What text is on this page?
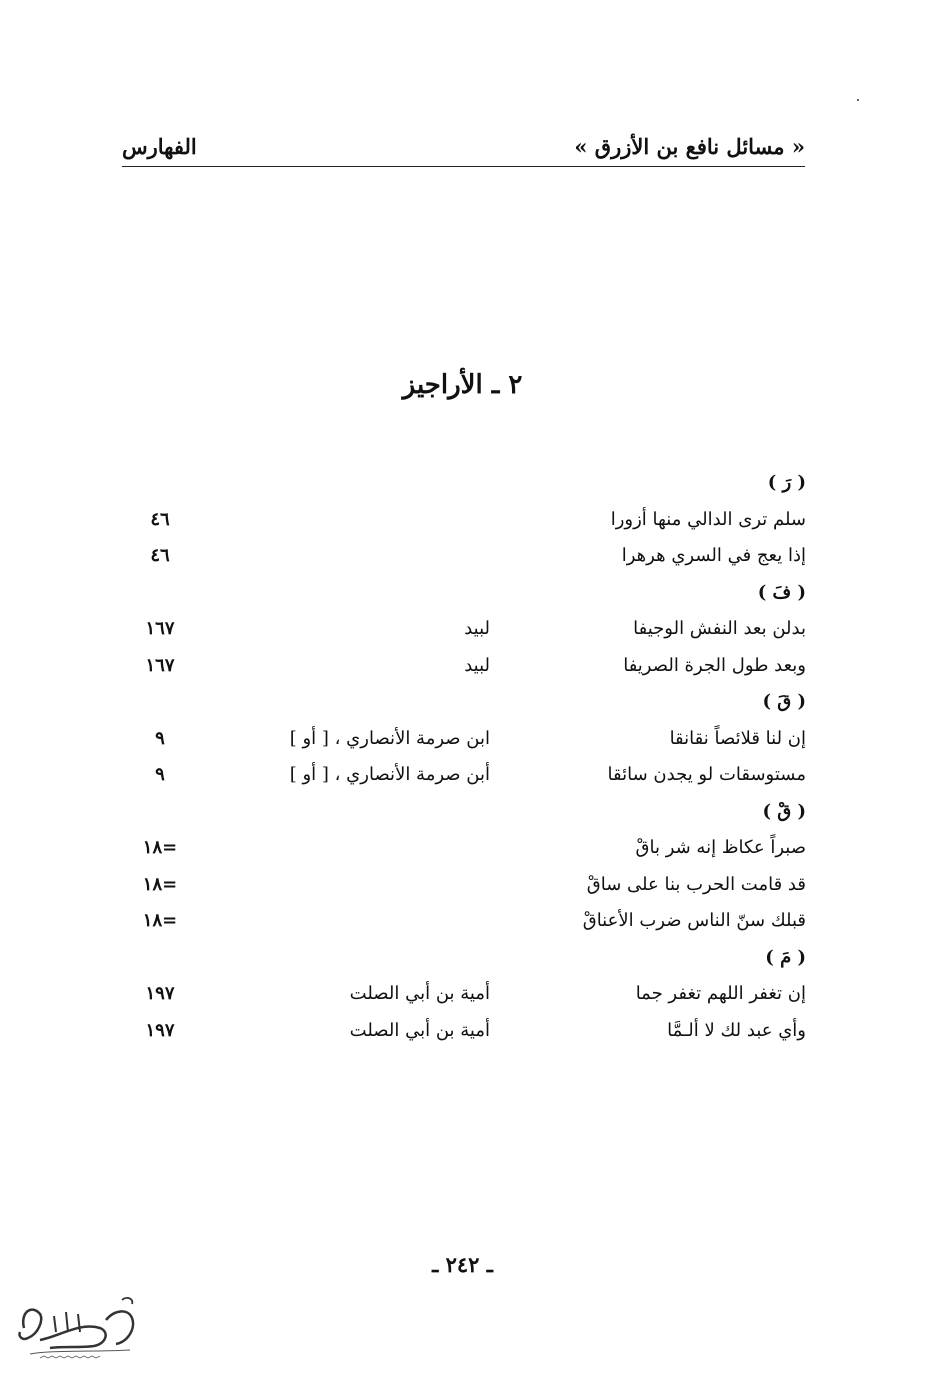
« مسائل نافع بن الأزرق »
الفهارس
٢ ـ الأراجيز
( رَ )
سلم ترى الدالي منها أزورا
٤٦
إذا يعج في السري هرهرا
٤٦
( فَ )
بدلن بعد النفش الوجيفا
لبيد
١٦٧
وبعد طول الجرة الصريفا
لبيد
١٦٧
( قَ )
إن لنا قلائصاً نقانقا
ابن صرمة الأنصاري ، [ أو ]
٩
مستوسقات لو يجدن سائقا
أبن صرمة الأنصاري ، [ أو ]
٩
( قْ )
صبراً عكاظ إنه شر باقْ
١٨=
قد قامت الحرب بنا على ساقْ
١٨=
قبلك سنّ الناس ضرب الأعناقْ
١٨=
( مَ )
إن تغفر اللهم تغفر جما
أمية بن أبي الصلت
١٩٧
وأي عبد لك لا ألـمَّا
أمية بن أبي الصلت
١٩٧
ـ ٢٤٢ ـ
